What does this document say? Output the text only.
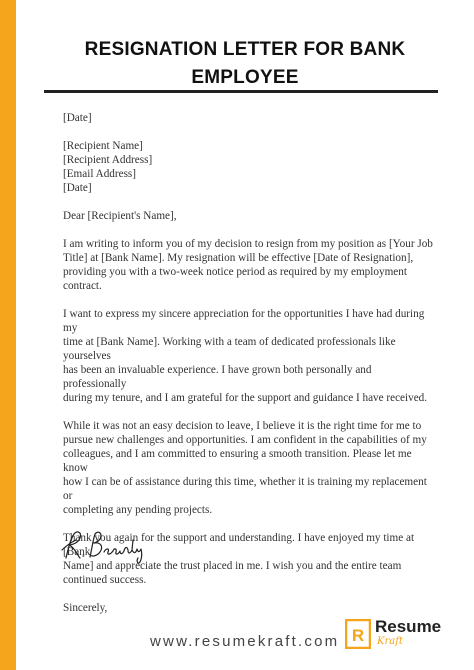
RESIGNATION LETTER FOR BANK
EMPLOYEE

[Date]

[Recipient Name]

[Recipient Address]

[Email Address]

[Date]

Dear [Recipient's Name],

I am writing to inform you of my decision to resign from my position as [Your Job

Title] at [Bank Name]. My resignation will be effective [Date of Resignation],

providing you with a two-week notice period as required by my employment

contract.

I want to express my sincere appreciation for the opportunities I have had during my

time at [Bank Name]. Working with a team of dedicated professionals like yourselves

has been an invaluable experience. I have grown both personally and professionally

during my tenure, and I am grateful for the support and guidance I have received.

While it was not an easy decision to leave, I believe it is the right time for me to

pursue new challenges and opportunities. I am confident in the capabilities of my

colleagues, and I am committed to ensuring a smooth transition. Please let me know

how I can be of assistance during this time, whether it is training my replacement or

completing any pending projects.

Thank you again for the support and understanding. I have enjoyed my time at [Bank

Name] and appreciate the trust placed in me. I wish you and the entire team

continued success.

Sincerely,

www.resumekraft.com R Resume
Kraft
